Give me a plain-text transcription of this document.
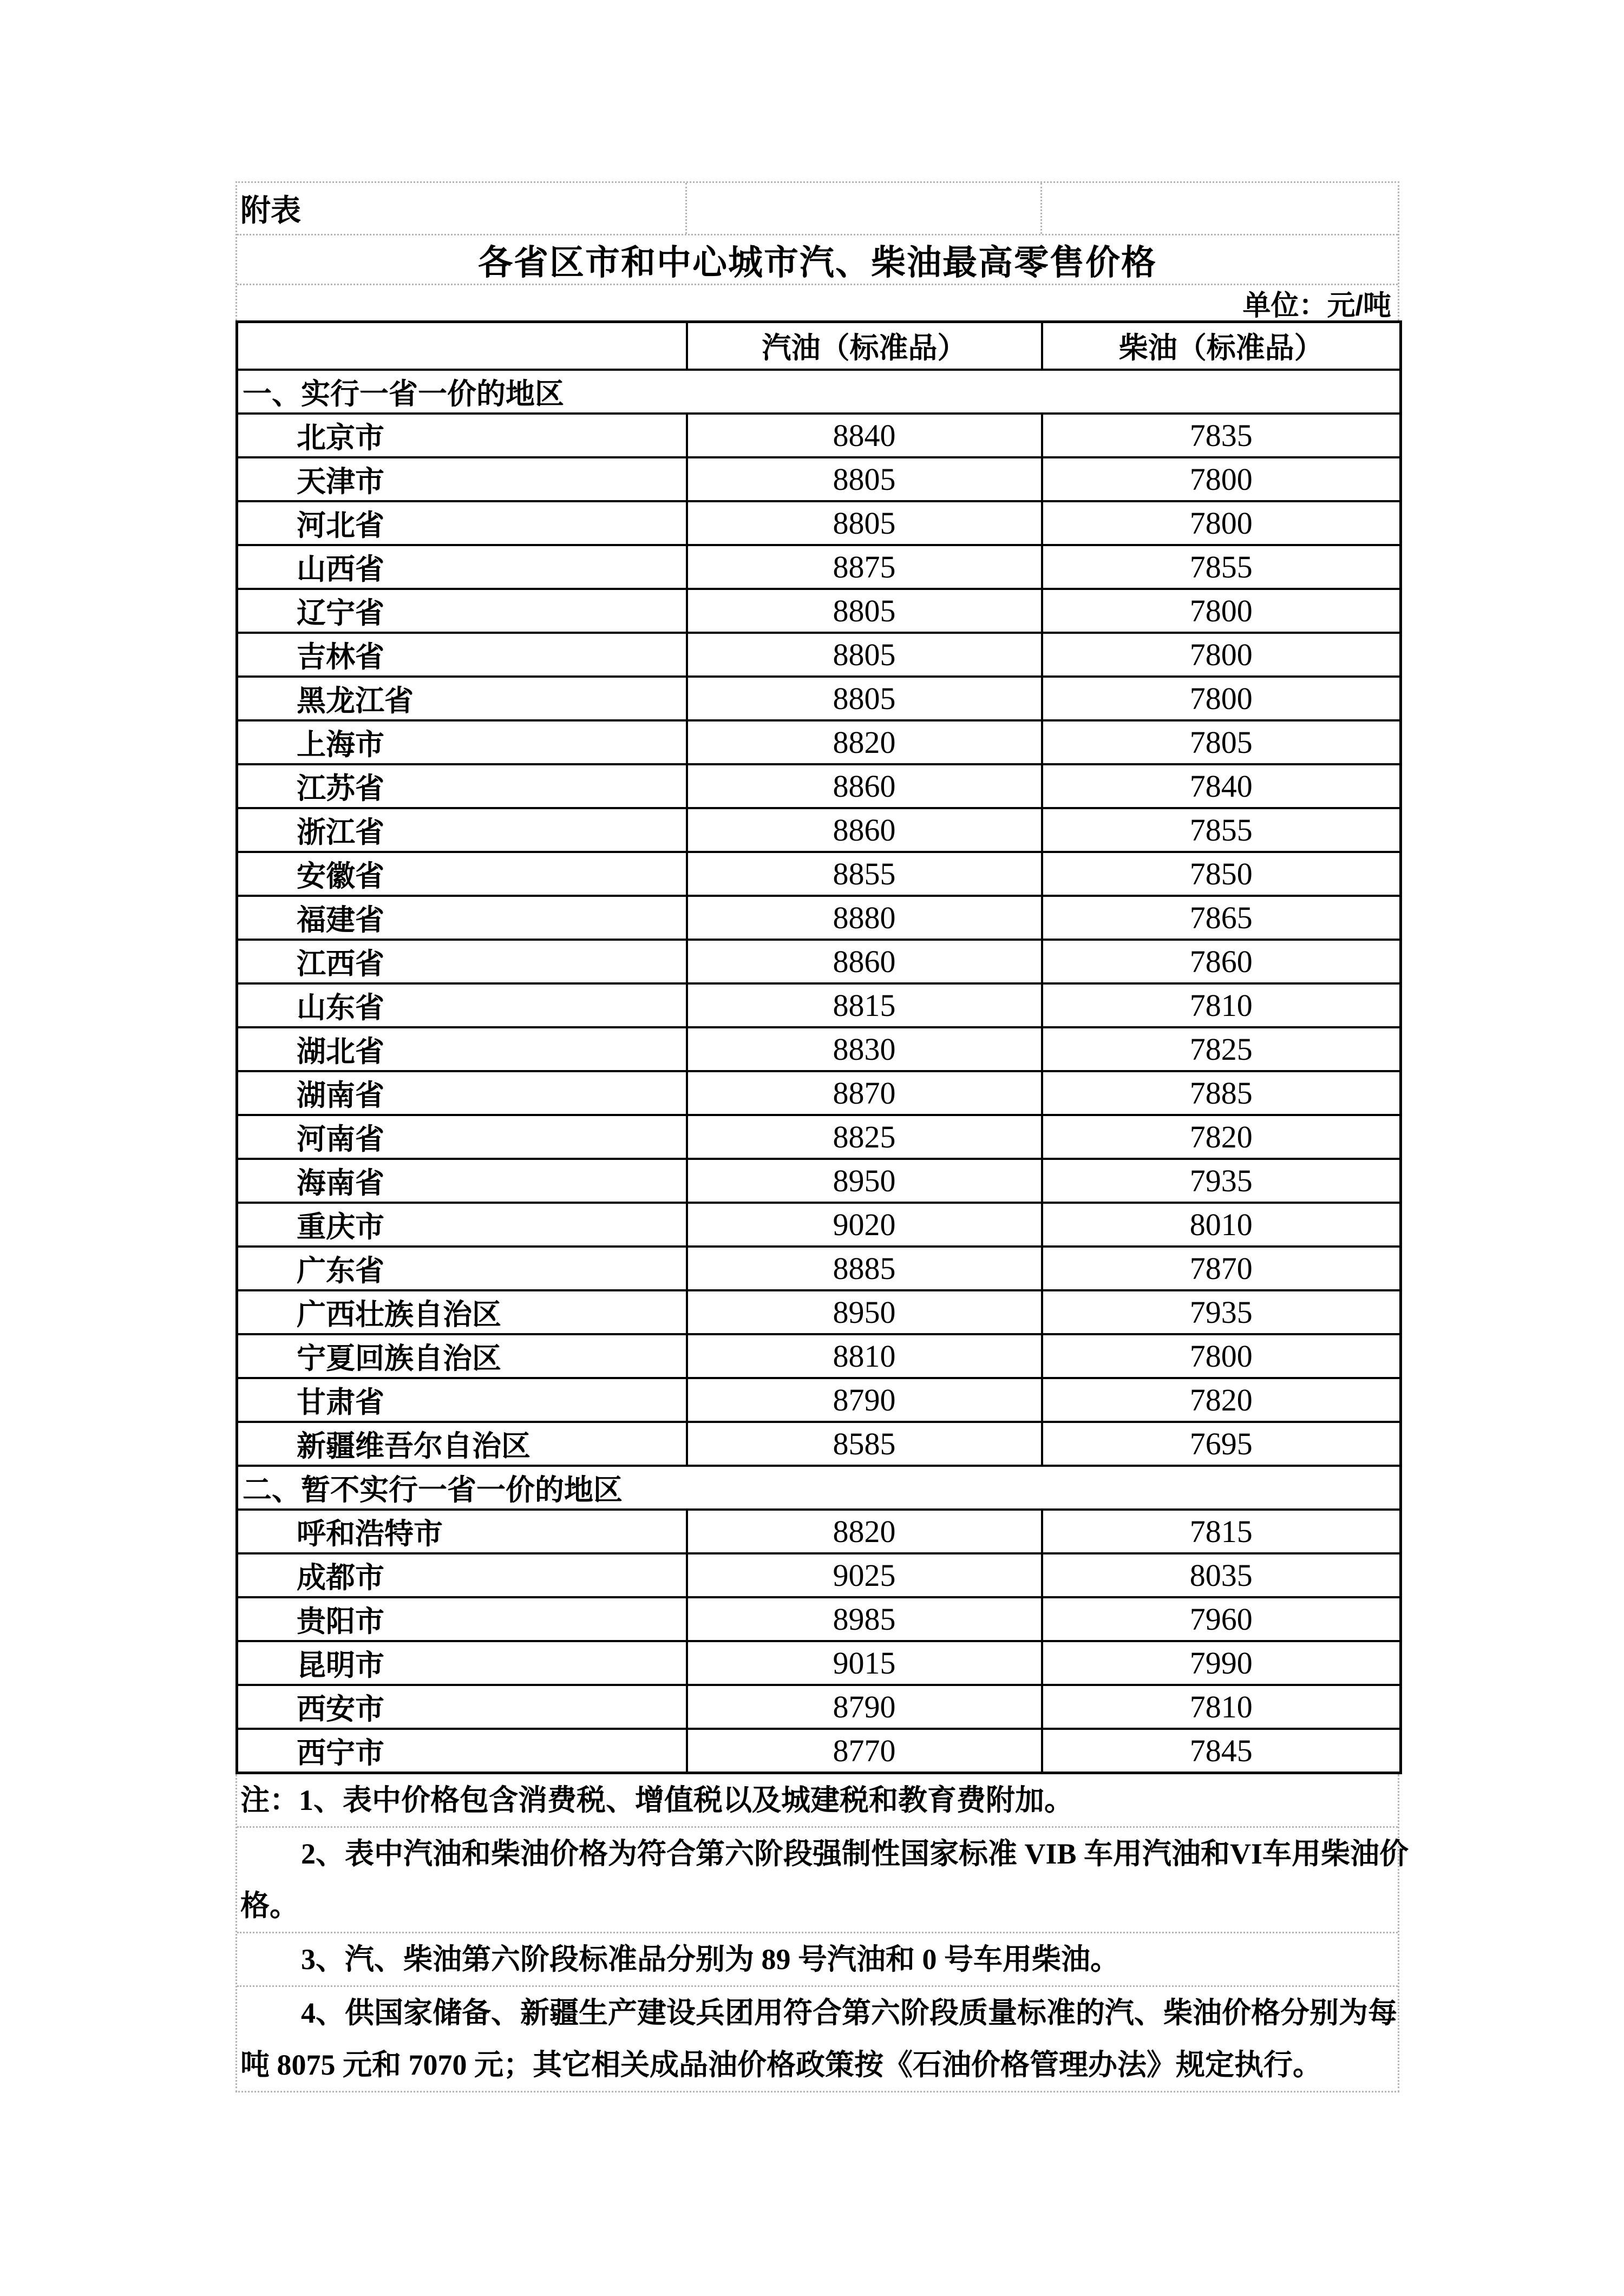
附表
各省区市和中心城市汽、柴油最高零售价格
单位：元/吨
	汽油（标准品）	柴油（标准品）
一、实行一省一价的地区		
北京市	8840	7835
天津市	8805	7800
河北省	8805	7800
山西省	8875	7855
辽宁省	8805	7800
吉林省	8805	7800
黑龙江省	8805	7800
上海市	8820	7805
江苏省	8860	7840
浙江省	8860	7855
安徽省	8855	7850
福建省	8880	7865
江西省	8860	7860
山东省	8815	7810
湖北省	8830	7825
湖南省	8870	7885
河南省	8825	7820
海南省	8950	7935
重庆市	9020	8010
广东省	8885	7870
广西壮族自治区	8950	7935
宁夏回族自治区	8810	7800
甘肃省	8790	7820
新疆维吾尔自治区	8585	7695
二、暂不实行一省一价的地区		
呼和浩特市	8820	7815
成都市	9025	8035
贵阳市	8985	7960
昆明市	9015	7990
西安市	8790	7810
西宁市	8770	7845
注：1、表中价格包含消费税、增值税以及城建税和教育费附加。
2、表中汽油和柴油价格为符合第六阶段强制性国家标准 VIB 车用汽油和VI车用柴油价
格。
3、汽、柴油第六阶段标准品分别为 89 号汽油和 0 号车用柴油。
4、供国家储备、新疆生产建设兵团用符合第六阶段质量标准的汽、柴油价格分别为每
吨 8075 元和 7070 元；其它相关成品油价格政策按《石油价格管理办法》规定执行。
